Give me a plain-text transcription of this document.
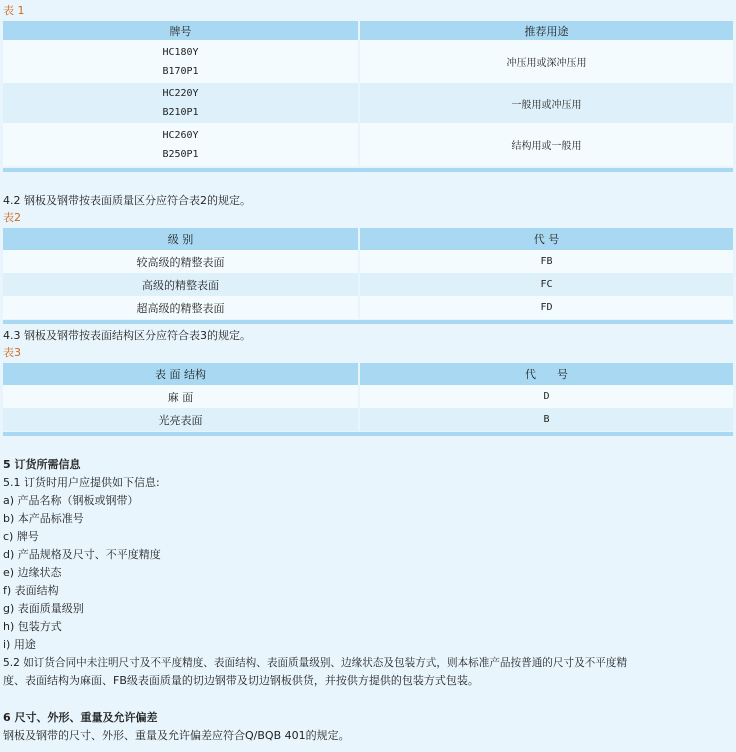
表 1
牌号	推荐用途

HC180Y
B170P1	冲压用或深冲压用

HC220Y
B210P1	一般用或冲压用

HC260Y
B250P1	结构用或一般用
4.2 钢板及钢带按表面质量区分应符合表2的规定。
表2
级 别	代 号
较高级的精整表面	FB
高级的精整表面	FC
超高级的精整表面	FD
4.3 钢板及钢带按表面结构区分应符合表3的规定。
表3
表 面 结构	代      号
麻 面	D
光亮表面	B
5 订货所需信息
5.1 订货时用户应提供如下信息:
a) 产品名称（钢板或钢带）
b) 本产品标准号
c) 牌号
d) 产品规格及尺寸、不平度精度
e) 边缘状态
f) 表面结构
g) 表面质量级别
h) 包装方式
i) 用途
5.2 如订货合同中未注明尺寸及不平度精度、表面结构、表面质量级别、边缘状态及包装方式，则本标准产品按普通的尺寸及不平度精
度、表面结构为麻面、FB级表面质量的切边钢带及切边钢板供货，并按供方提供的包装方式包装。
6 尺寸、外形、重量及允许偏差
钢板及钢带的尺寸、外形、重量及允许偏差应符合Q/BQB 401的规定。
